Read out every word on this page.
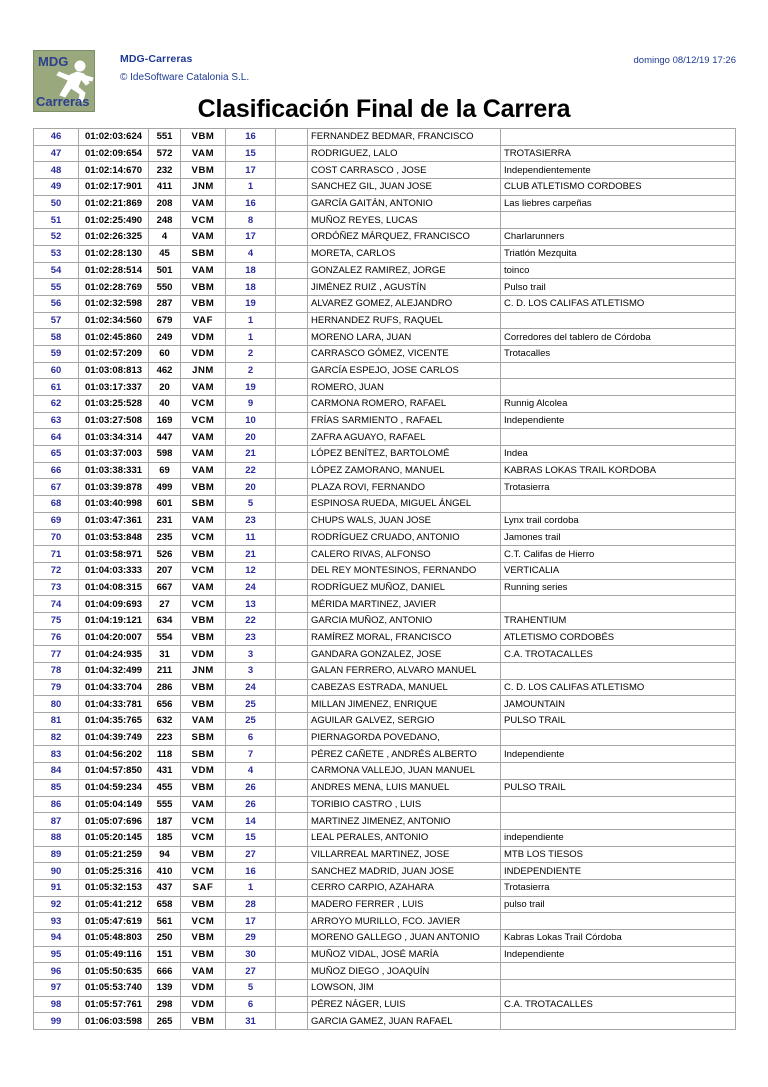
MDG
Carreras
MDG-Carreras
© IdeSoftware Catalonia S.L.
domingo 08/12/19 17:26
Clasificación Final de la Carrera
46	01:02:03:624	551	VBM	16		FERNANDEZ BEDMAR, FRANCISCO	
47	01:02:09:654	572	VAM	15		RODRIGUEZ, LALO	TROTASIERRA
48	01:02:14:670	232	VBM	17		COST CARRASCO , JOSE	Independientemente
49	01:02:17:901	411	JNM	1		SANCHEZ GIL, JUAN JOSE	CLUB ATLETISMO CORDOBES
50	01:02:21:869	208	VAM	16		GARCÍA GAITÁN, ANTONIO	Las liebres carpeñas
51	01:02:25:490	248	VCM	8		MUÑOZ REYES, LUCAS	
52	01:02:26:325	4	VAM	17		ORDÓÑEZ MÁRQUEZ, FRANCISCO	Charlarunners
53	01:02:28:130	45	SBM	4		MORETA, CARLOS	Triatlón Mezquita
54	01:02:28:514	501	VAM	18		GONZALEZ RAMIREZ, JORGE	toinco
55	01:02:28:769	550	VBM	18		JIMÉNEZ RUIZ , AGUSTÍN	Pulso trail
56	01:02:32:598	287	VBM	19		ALVAREZ GOMEZ, ALEJANDRO	C. D. LOS CALIFAS ATLETISMO
57	01:02:34:560	679	VAF	1		HERNANDEZ RUFS, RAQUEL	
58	01:02:45:860	249	VDM	1		MORENO LARA, JUAN	Corredores del tablero de Córdoba
59	01:02:57:209	60	VDM	2		CARRASCO GÓMEZ, VICENTE	Trotacalles
60	01:03:08:813	462	JNM	2		GARCÍA ESPEJO, JOSE CARLOS	
61	01:03:17:337	20	VAM	19		ROMERO, JUAN	
62	01:03:25:528	40	VCM	9		CARMONA ROMERO, RAFAEL	Runnig Alcolea
63	01:03:27:508	169	VCM	10		FRÍAS SARMIENTO , RAFAEL	Independiente
64	01:03:34:314	447	VAM	20		ZAFRA AGUAYO, RAFAEL	
65	01:03:37:003	598	VAM	21		LÓPEZ BENÍTEZ, BARTOLOMÉ	Indea
66	01:03:38:331	69	VAM	22		LÓPEZ ZAMORANO, MANUEL	KABRAS LOKAS TRAIL KORDOBA
67	01:03:39:878	499	VBM	20		PLAZA ROVI, FERNANDO	Trotasierra
68	01:03:40:998	601	SBM	5		ESPINOSA RUEDA, MIGUEL ÁNGEL	
69	01:03:47:361	231	VAM	23		CHUPS WALS, JUAN JOSE	Lynx trail cordoba
70	01:03:53:848	235	VCM	11		RODRÍGUEZ CRUADO, ANTONIO	Jamones trail
71	01:03:58:971	526	VBM	21		CALERO RIVAS, ALFONSO	C.T. Califas de Hierro
72	01:04:03:333	207	VCM	12		DEL REY MONTESINOS, FERNANDO	VERTICALIA
73	01:04:08:315	667	VAM	24		RODRÍGUEZ MUÑOZ, DANIEL	Running series
74	01:04:09:693	27	VCM	13		MÉRIDA MARTINEZ, JAVIER	
75	01:04:19:121	634	VBM	22		GARCIA MUÑOZ, ANTONIO	TRAHENTIUM
76	01:04:20:007	554	VBM	23		RAMÍREZ MORAL, FRANCISCO	ATLETISMO CORDOBÉS
77	01:04:24:935	31	VDM	3		GANDARA GONZALEZ, JOSE	C.A. TROTACALLES
78	01:04:32:499	211	JNM	3		GALAN FERRERO, ALVARO MANUEL	
79	01:04:33:704	286	VBM	24		CABEZAS ESTRADA, MANUEL	C. D. LOS CALIFAS ATLETISMO
80	01:04:33:781	656	VBM	25		MILLAN JIMENEZ, ENRIQUE	JAMOUNTAIN
81	01:04:35:765	632	VAM	25		AGUILAR GALVEZ, SERGIO	PULSO TRAIL
82	01:04:39:749	223	SBM	6		PIERNAGORDA POVEDANO,

83	01:04:56:202	118	SBM	7		PÉREZ CAÑETE , ANDRÉS ALBERTO	Independiente
84	01:04:57:850	431	VDM	4		CARMONA VALLEJO, JUAN MANUEL	
85	01:04:59:234	455	VBM	26		ANDRES MENA, LUIS MANUEL	PULSO TRAIL
86	01:05:04:149	555	VAM	26		TORIBIO CASTRO , LUIS	
87	01:05:07:696	187	VCM	14		MARTINEZ JIMENEZ, ANTONIO	
88	01:05:20:145	185	VCM	15		LEAL PERALES, ANTONIO	independiente
89	01:05:21:259	94	VBM	27		VILLARREAL MARTINEZ, JOSE	MTB LOS TIESOS
90	01:05:25:316	410	VCM	16		SANCHEZ MADRID, JUAN JOSE	INDEPENDIENTE
91	01:05:32:153	437	SAF	1		CERRO CARPIO, AZAHARA	Trotasierra
92	01:05:41:212	658	VBM	28		MADERO FERRER , LUIS	pulso trail
93	01:05:47:619	561	VCM	17		ARROYO MURILLO, FCO. JAVIER	
94	01:05:48:803	250	VBM	29		MORENO GALLEGO , JUAN ANTONIO	Kabras Lokas Trail Córdoba
95	01:05:49:116	151	VBM	30		MUÑOZ VIDAL, JOSÉ MARÍA	Independiente
96	01:05:50:635	666	VAM	27		MUÑOZ DIEGO , JOAQUÍN	
97	01:05:53:740	139	VDM	5		LOWSON, JIM	
98	01:05:57:761	298	VDM	6		PÉREZ NÁGER, LUIS	C.A. TROTACALLES
99	01:06:03:598	265	VBM	31		GARCIA GAMEZ, JUAN RAFAEL	
